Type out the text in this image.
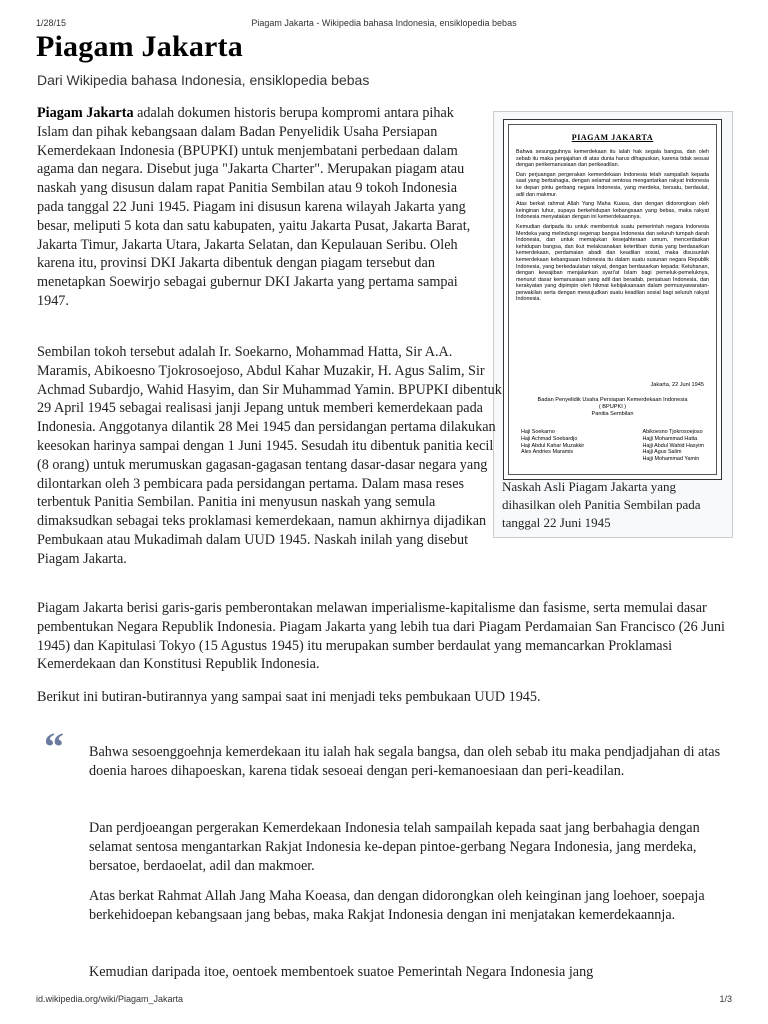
1/28/15	Piagam Jakarta - Wikipedia bahasa Indonesia, ensiklopedia bebas
Piagam Jakarta
Dari Wikipedia bahasa Indonesia, ensiklopedia bebas

Piagam Jakarta adalah dokumen historis berupa kompromi antara pihak Islam dan pihak kebangsaan dalam Badan Penyelidik Usaha Persiapan Kemerdekaan Indonesia (BPUPKI) untuk menjembatani perbedaan dalam agama dan negara. Disebut juga "Jakarta Charter". Merupakan piagam atau naskah yang disusun dalam rapat Panitia Sembilan atau 9 tokoh Indonesia pada tanggal 22 Juni 1945. Piagam ini disusun karena wilayah Jakarta yang besar, meliputi 5 kota dan satu kabupaten, yaitu Jakarta Pusat, Jakarta Barat, Jakarta Timur, Jakarta Utara, Jakarta Selatan, dan Kepulauan Seribu. Oleh karena itu, provinsi DKI Jakarta dibentuk dengan piagam tersebut dan menetapkan Soewirjo sebagai gubernur DKI Jakarta yang pertama sampai 1947.

PIAGAM JAKARTA

Bahwa sesungguhnya kemerdekaan itu ialah hak segala bangsa, dan oleh sebab itu maka penjajahan di atas dunia harus dihapuskan, karena tidak sesuai dengan perikemanusiaan dan perikeadilan.

Dan perjuangan pergerakan kemerdekaan Indonesia telah sampailah kepada saat yang berbahagia, dengan selamat sentosa mengantarkan rakyat Indonesia ke depan pintu gerbang negara Indonesia, yang merdeka, bersatu, berdaulat, adil dan makmur.

Atas berkat rahmat Allah Yang Maha Kuasa, dan dengan didorongkan oleh keinginan luhur, supaya berkehidupan kebangsaan yang bebas, maka rakyat Indonesia menyatakan dengan ini kemerdekaannya.

Kemudian daripada itu untuk membentuk suatu pemerintah negara Indonesia Merdeka yang melindungi segenap bangsa Indonesia dan seluruh tumpah darah Indonesia, dan untuk memajukan kesejahteraan umum, mencerdaskan kehidupan bangsa, dan ikut melaksanakan ketertiban dunia yang berdasarkan kemerdekaan, perdamaian abadi dan keadilan sosial, maka disusunlah kemerdekaan kebangsaan Indonesia itu dalam suatu susunan negara Republik Indonesia, yang berkedaulatan rakyat, dengan berdasarkan kepada: Ketuhanan, dengan kewajiban menjalankan syari'at Islam bagi pemeluk-pemeluknya, menurut dasar kemanusiaan yang adil dan beradab, persatuan Indonesia, dan kerakyatan yang dipimpin oleh hikmat kebijaksanaan dalam permusyawaratan-perwakilan serta dengan mewujudkan suatu keadilan sosial bagi seluruh rakyat Indonesia.

Jakarta, 22 Juni 1945
Badan Penyelidik Usaha Persiapan Kemerdekaan Indonesia
( BPUPKI )
Panitia Sembilan
Haji Soekarno
Haji Achmad Soebardjo
Haji Abdul Kahar Muzakkir
Alex Andries Maramis
Abikoesno Tjokrosoejoso
Hajji Mohammad Hatta
Hajji Abdul Wahid Hasyim
Hajji Agus Salim
Hajji Mohammad Yamin
Naskah Asli Piagam Jakarta yang dihasilkan oleh Panitia Sembilan pada tanggal 22 Juni 1945

Sembilan tokoh tersebut adalah Ir. Soekarno, Mohammad Hatta, Sir A.A. Maramis, Abikoesno Tjokrosoejoso, Abdul Kahar Muzakir, H. Agus Salim, Sir Achmad Subardjo, Wahid Hasyim, dan Sir Muhammad Yamin. BPUPKI dibentuk 29 April 1945 sebagai realisasi janji Jepang untuk memberi kemerdekaan pada Indonesia. Anggotanya dilantik 28 Mei 1945 dan persidangan pertama dilakukan keesokan harinya sampai dengan 1 Juni 1945. Sesudah itu dibentuk panitia kecil (8 orang) untuk merumuskan gagasan-gagasan tentang dasar-dasar negara yang dilontarkan oleh 3 pembicara pada persidangan pertama. Dalam masa reses terbentuk Panitia Sembilan. Panitia ini menyusun naskah yang semula dimaksudkan sebagai teks proklamasi kemerdekaan, namun akhirnya dijadikan Pembukaan atau Mukadimah dalam UUD 1945. Naskah inilah yang disebut Piagam Jakarta.

Piagam Jakarta berisi garis-garis pemberontakan melawan imperialisme-kapitalisme dan fasisme, serta memulai dasar pembentukan Negara Republik Indonesia. Piagam Jakarta yang lebih tua dari Piagam Perdamaian San Francisco (26 Juni 1945) dan Kapitulasi Tokyo (15 Agustus 1945) itu merupakan sumber berdaulat yang memancarkan Proklamasi Kemerdekaan dan Konstitusi Republik Indonesia.

Berikut ini butiran-butirannya yang sampai saat ini menjadi teks pembukaan UUD 1945.

“ Bahwa sesoenggoehnja kemerdekaan itu ialah hak segala bangsa, dan oleh sebab itu maka pendjadjahan di atas doenia haroes dihapoeskan, karena tidak sesoeai dengan peri-kemanoesiaan dan peri-keadilan.

Dan perdjoeangan pergerakan Kemerdekaan Indonesia telah sampailah kepada saat jang berbahagia dengan selamat sentosa mengantarkan Rakjat Indonesia ke-depan pintoe-gerbang Negara Indonesia, jang merdeka, bersatoe, berdaoelat, adil dan makmoer.

Atas berkat Rahmat Allah Jang Maha Koeasa, dan dengan didorongkan oleh keinginan jang loehoer, soepaja berkehidoepan kebangsaan jang bebas, maka Rakjat Indonesia dengan ini menjatakan kemerdekaannja.

Kemudian daripada itoe, oentoek membentoek suatoe Pemerintah Negara Indonesia jang

id.wikipedia.org/wiki/Piagam_Jakarta	1/3
